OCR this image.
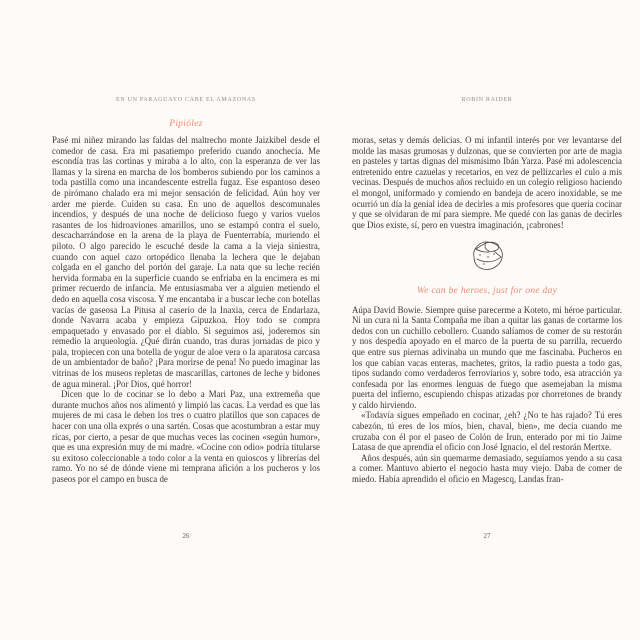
EN UN PARAGUAYO CABE EL AMAZONAS
Pipiólez

Pasé mi niñez mirando las faldas del maltrecho monte Jaizkibel desde el comedor de casa. Era mi pasatiempo preferido cuando anochecía. Me escondía tras las cortinas y miraba a lo alto, con la esperanza de ver las llamas y la sirena en marcha de los bomberos subiendo por los caminos a toda pastilla como una incandescente estrella fugaz. Ese espantoso deseo de pirómano chalado era mi mejor sensación de felicidad. Aún hoy ver arder me pierde. Cuiden su casa. En uno de aquellos descomunales incendios, y después de una noche de delicioso fuego y varios vuelos rasantes de los hidroaviones amarillos, uno se estampó contra el suelo, descacharrándose en la arena de la playa de Fuenterrabía, muriendo el piloto. O algo parecido le escuché desde la cama a la vieja siniestra, cuando con aquel cazo ortopédico llenaba la lechera que le dejaban colgada en el gancho del portón del garaje. La nata que su leche recién hervida formaba en la superficie cuando se enfriaba en la encimera es mi primer recuerdo de infancia. Me entusiasmaba ver a alguien metiendo el dedo en aquella cosa viscosa. Y me encantaba ir a buscar leche con botellas vacías de gaseosa La Pitusa al caserío de la Inaxia, cerca de Endarlaza, donde Navarra acaba y empieza Gipuzkoa. Hoy todo se compra empaquetado y envasado por el diablo. Si seguimos así, joderemos sin remedio la arqueología. ¿Qué dirán cuando, tras duras jornadas de pico y pala, tropiecen con una botella de yogur de aloe vera o la aparatosa carcasa de un ambientador de baño? ¡Para morirse de pena! No puedo imaginar las vitrinas de los museos repletas de mascarillas, cartones de leche y bidones de agua mineral. ¡Por Dios, qué horror!

Dicen que lo de cocinar se lo debo a Mari Paz, una extremeña que durante muchos años nos alimentó y limpió las cacas. La verdad es que las mujeres de mi casa le deben los tres o cuatro platillos que son capaces de hacer con una olla exprés o una sartén. Cosas que acostumbran a estar muy ricas, por cierto, a pesar de que muchas veces las cocinen «según humor», que es una expresión muy de mi madre. «Cocine con odio» podría titularse su exitoso coleccionable a todo color a la venta en quioscos y librerías del ramo. Yo no sé de dónde viene mi temprana afición a los pucheros y los paseos por el campo en busca de

26
ROBIN RAIDER

moras, setas y demás delicias. O mi infantil interés por ver levantarse del molde las masas grumosas y dulzonas, que se convierten por arte de magia en pasteles y tartas dignas del mismísimo Ibán Yarza. Pasé mi adolescencia entretenido entre cazuelas y recetarios, en vez de pellizcarles el culo a mis vecinas. Después de muchos años recluido en un colegio religioso haciendo el mongol, uniformado y comiendo en bandeja de acero inoxidable, se me ocurrió un día la genial idea de decirles a mis profesores que quería cocinar y que se olvidaran de mí para siempre. Me quedé con las ganas de decirles que Dios existe, sí, pero en vuestra imaginación, ¡cabrones!

We can be heroes, just for one day

Aúpa David Bowie. Siempre quise parecerme a Koteto, mi héroe particular. Ni un cura ni la Santa Compaña me iban a quitar las ganas de cortarme los dedos con un cuchillo cebollero. Cuando salíamos de comer de su restorán y nos despedía apoyado en el marco de la puerta de su parrilla, recuerdo que entre sus piernas adivinaba un mundo que me fascinaba. Pucheros en los que cabían vacas enteras, machetes, gritos, la radio puesta a todo gas, tipos sudando como verdaderos ferroviarios y, sobre todo, esa atracción ya confesada por las enormes lenguas de fuego que asemejaban la misma puerta del infierno, escupiendo chispas atizadas por chorretones de brandy y caldo hirviendo.

«Todavía sigues empeñado en cocinar, ¿eh? ¿No te has rajado? Tú eres cabezón, tú eres de los míos, bien, chaval, bien», me decía cuando me cruzaba con él por el paseo de Colón de Irun, enterado por mi tío Jaime Latasa de que aprendía el oficio con José Ignacio, el del restorán Mertxe.

Años después, aún sin quemarme demasiado, seguíamos yendo a su casa a comer. Mantuvo abierto el negocio hasta muy viejo. Daba de comer de miedo. Había aprendido el oficio en Magescq, Landas fran-

27
